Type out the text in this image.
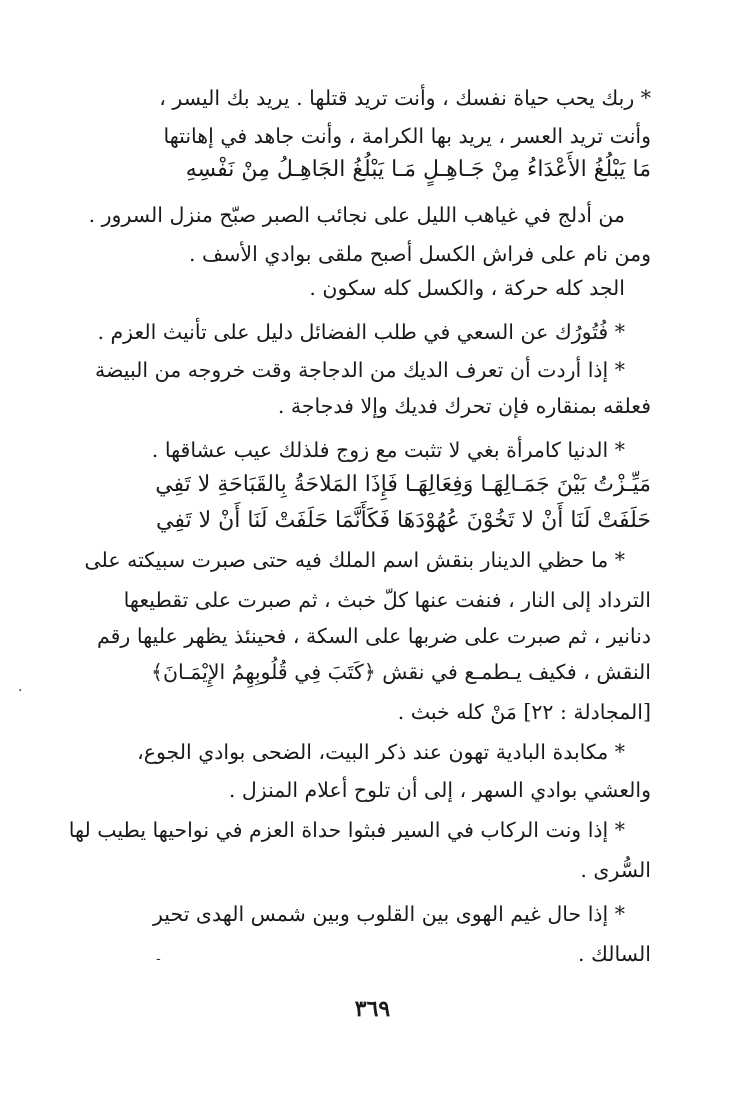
* ربك يحب حياة نفسك ، وأنت تريد قتلها . يريد بك اليسر ،
وأنت تريد العسر ، يريد بها الكرامة ، وأنت جاهد في إهانتها
مَا يَبْلُغُ الأَعْدَاءُ مِنْ جَـاهِـلٍ مَـا يَبْلُغُ الجَاهِـلُ مِنْ نَفْسِهِ
من أدلج في غياهب الليل على نجائب الصبر صبّح منزل السرور .
ومن نام على فراش الكسل أصبح ملقى بوادي الأسف .
الجد كله حركة ، والكسل كله سكون .
* فُتُورُك عن السعي في طلب الفضائل دليل على تأنيث العزم .
* إذا أردت أن تعرف الديك من الدجاجة وقت خروجه من البيضة
فعلقه بمنقاره فإن تحرك فديك وإلا فدجاجة .
* الدنيا كامرأة بغي لا تثبت مع زوج فلذلك عيب عشاقها .
مَيِّـزْتُ بَيْنَ جَمَـالِهَـا وَفِعَالِهَـا فَإِذَا المَلاحَةُ بِالقَبَاحَةِ لا تَفِي
حَلَفَتْ لَنَا أَنْ لا تَخُوْنَ عُهُوْدَهَا فَكَأَنَّمَا حَلَفَتْ لَنَا أَنْ لا تَفِي
* ما حظي الدينار بنقش اسم الملك فيه حتى صبرت سبيكته على
الترداد إلى النار ، فنفت عنها كلّ خبث ، ثم صبرت على تقطيعها
دنانير ، ثم صبرت على ضربها على السكة ، فحينئذ يظهر عليها رقم
النقش ، فكيف يـطمـع في نقش ﴿كَتَبَ فِي قُلُوبِهِمُ الإِيْمَـانَ﴾
[المجادلة : ٢٢] مَنْ كله خبث .
* مكابدة البادية تهون عند ذكر البيت، الضحى بوادي الجوع،
والعشي بوادي السهر ، إلى أن تلوح أعلام المنزل .
* إذا ونت الركاب في السير فبثوا حداة العزم في نواحيها يطيب لها
السُّرى .
* إذا حال غيم الهوى بين القلوب وبين شمس الهدى تحير
السالك .
٣٦٩
·
-
